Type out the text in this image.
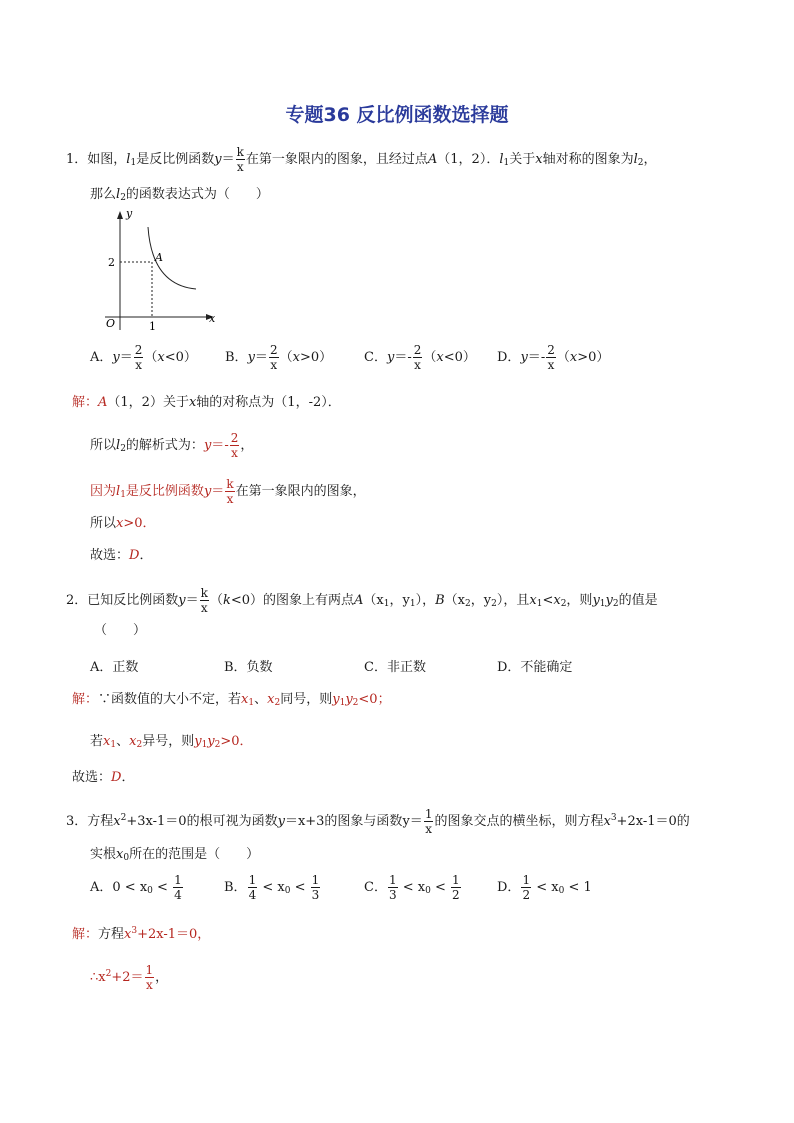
专题36 反比例函数选择题
1．如图，$l_1$是反比例函数$y= \frac{k}{x}$ 在第一象限内的图象，且经过点A（1，2）．$l_1$关于x轴对称的图象为$l_2$，
那么$l_2$的函数表达式为（　　）
y
x
O
2
1
A
A．$y= \frac{2}{x} (x<0)$ B．$y= \frac{2}{x} (x>0)$ C．$y=- \frac{2}{x} (x<0)$ D．$y=- \frac{2}{x} (x>0)$
解：A（1，2）关于x轴的对称点为（1，-2）．
所以$l_2$的解析式为：$y=- \frac{2}{x}$ ，
因为$l_1$是反比例函数$y= \frac{k}{x}$ 在第一象限内的图象，
所以x>0．
故选：D．
2．已知反比例函数$y= \frac{k}{x} (k<0)$的图象上有两点$A(x_1$，$y_1$），$B(x_2$，$y_2$），且$x_1<x_2$，则$y_1y_2$的值是
（　　）
A．正数	B．负数	C．非正数	D．不能确定
解：∵函数值的大小不定，若$x_1$、$x_2$同号，则$y_1y_2<0$；
若$x_1$、$x_2$异号，则$y_1y_2>0$．
故选：D．
3．方程$x^2+3x-1=0$的根可视为函数y＝x+3的图象与函数$y= \frac{1}{x}$ 的图象交点的横坐标，则方程$x^3+2x-1=0$的
实根$x_0$所在的范围是（　　）
A．$0 < x_0 < \frac{1}{4}$	B． $\frac{1}{4} < x_0 < \frac{1}{3}$	C． $\frac{1}{3} < x_0 < \frac{1}{2}$	D． $\frac{1}{2} < x_0 < 1$
解：方程$x^3+2x-1=0$，
$\therefore x^2+2= \frac{1}{x}$ ，
